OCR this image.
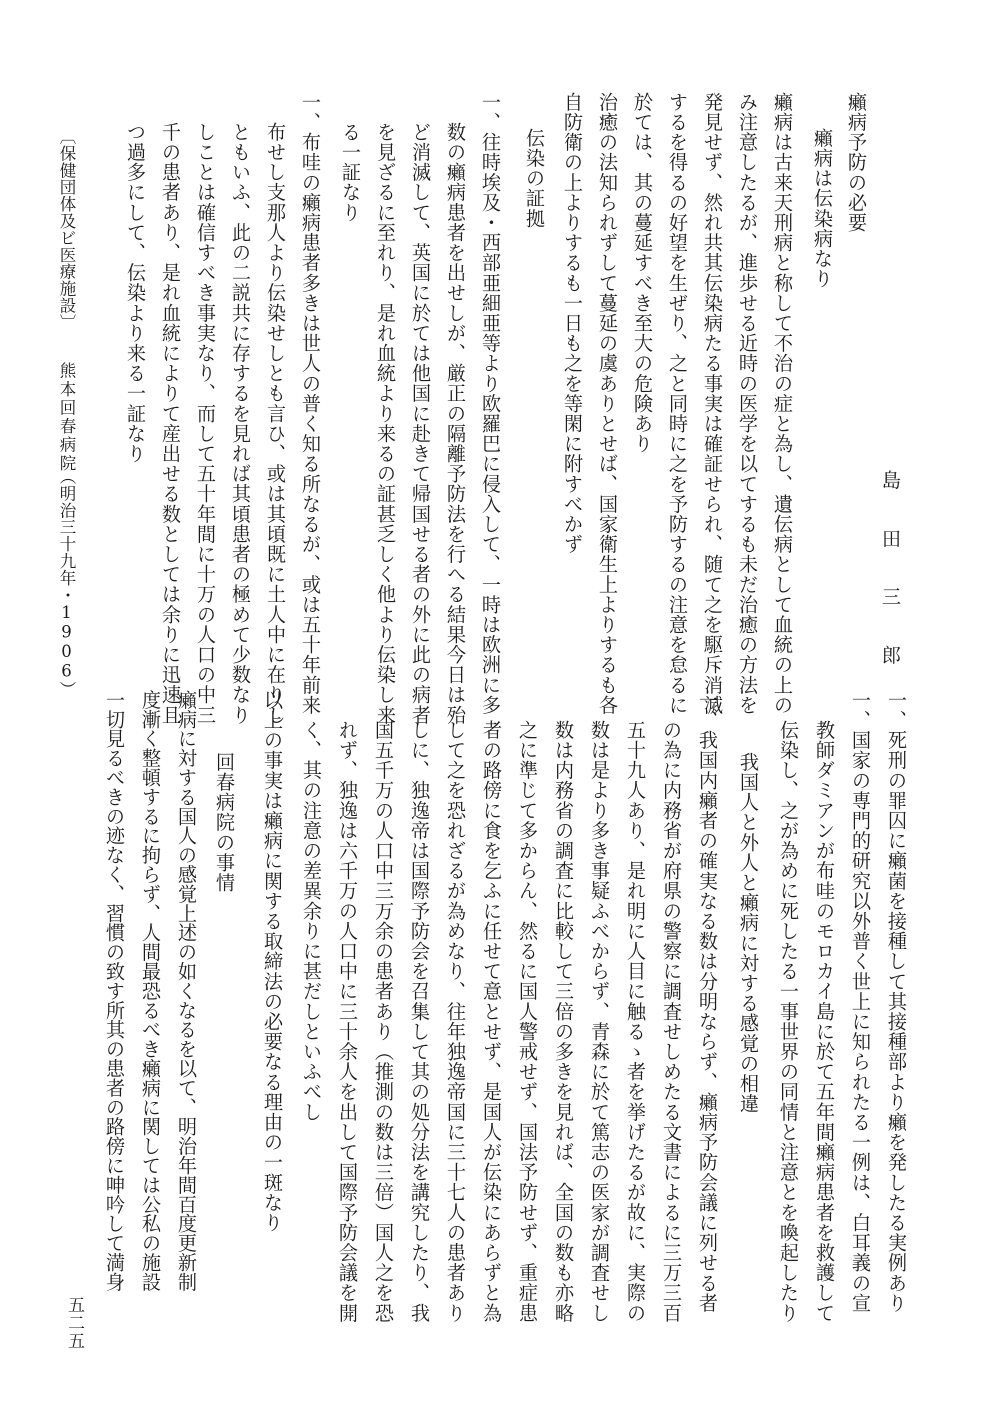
島　田　三　郎
癩病予防の必要
癩病は伝染病なり
癩病は古来天刑病と称して不治の症と為し、遺伝病として血統の上の
み注意したるが、進歩せる近時の医学を以てするも未だ治癒の方法を
発見せず、然れ共其伝染病たる事実は確証せられ、随て之を駆斥消滅
するを得るの好望を生ぜり、之と同時に之を予防するの注意を怠るに
於ては、其の蔓延すべき至大の危険あり
治癒の法知られずして蔓延の虞ありとせば、国家衛生上よりするも各
自防衛の上よりするも一日も之を等閑に附すべかず
伝染の証拠
一、往時埃及・西部亜細亜等より欧羅巴に侵入して、一時は欧洲に多
数の癩病患者を出せしが、厳正の隔離予防法を行へる結果今日は殆
ど消滅して、英国に於ては他国に赴きて帰国せる者の外に此の病者
を見ざるに至れり、是れ血統より来るの証甚乏しく他より伝染し来
る一証なり
一、布哇の癩病患者多きは世人の普く知る所なるが、或は五十年前来
布せし支那人より伝染せしとも言ひ、或は其頃既に土人中に在りし
ともいふ、此の二説共に存するを見れば其頃患者の極めて少数なり
しことは確信すべき事実なり、而して五十年間に十万の人口の中三
千の患者あり、是れ血統によりて産出せる数としては余りに迅速且
つ過多にして、伝染より来る一証なり
〔保健団体及ビ医療施設〕
熊本回春病院
（明治三十九年・1906）
一、死刑の罪囚に癩菌を接種して其接種部より癩を発したる実例あり
一、国家の専門的研究以外普く世上に知られたる一例は、白耳義の宣
教師ダミアンが布哇のモロカイ島に於て五年間癩病患者を救護して
伝染し、之が為めに死したる一事世界の同情と注意とを喚起したり
我国人と外人と癩病に対する感覚の相違
一、我国内癩者の確実なる数は分明ならず、癩病予防会議に列せる者
の為に内務省が府県の警察に調査せしめたる文書によるに三万三百
五十九人あり、是れ明に人目に触るゝ者を挙げたるが故に、実際の
数は是より多き事疑ふべからず、青森に於て篤志の医家が調査せし
数は内務省の調査に比較して三倍の多きを見れば、全国の数も亦略
之に準じて多からん、然るに国人警戒せず、国法予防せず、重症患
者の路傍に食を乞ふに任せて意とせず、是国人が伝染にあらずと為
して之を恐れざるが為めなり、往年独逸帝国に三十七人の患者あり
しに、独逸帝は国際予防会を召集して其の処分法を講究したり、我
国五千万の人口中三万余の患者あり（推測の数は三倍）国人之を恐
れず、独逸は六千万の人口中に三十余人を出して国際予防会議を開
く、其の注意の差異余りに甚だしといふべし
以上の事実は癩病に関する取締法の必要なる理由の一斑なり
回春病院の事情
癩病に対する国人の感覚上述の如くなるを以て、明治年間百度更新制
度漸く整頓するに拘らず、人間最恐るべき癩病に関しては公私の施設
一切見るべきの迹なく、習慣の致す所其の患者の路傍に呻吟して満身
五二五
